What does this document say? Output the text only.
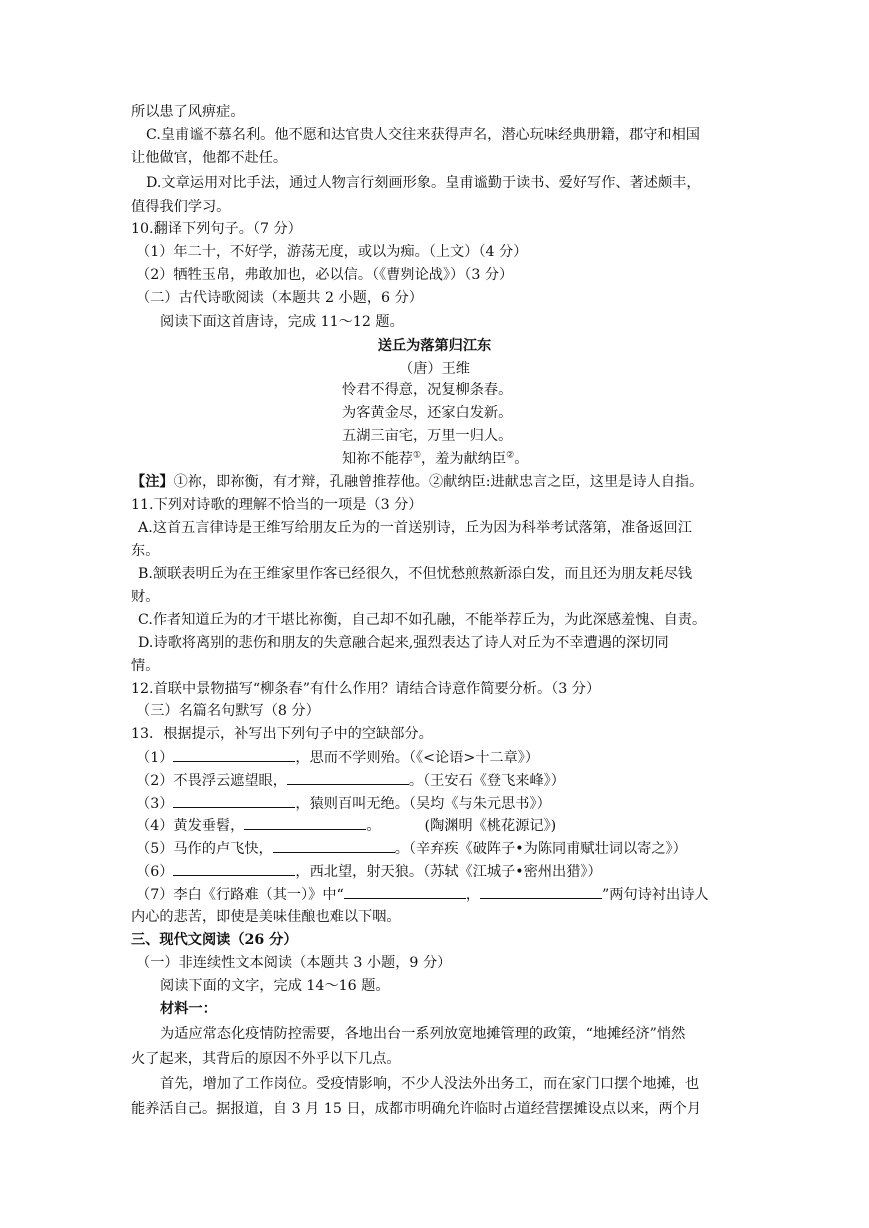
所以患了风痹症。
C.皇甫谧不慕名利。他不愿和达官贵人交往来获得声名，潜心玩味经典册籍，郡守和相国
让他做官，他都不赴任。
D.文章运用对比手法，通过人物言行刻画形象。皇甫谧勤于读书、爱好写作、著述颇丰，
值得我们学习。
10.翻译下列句子。（7 分）
（1）年二十，不好学，游荡无度，或以为痴。（上文）（4 分）
（2）牺牲玉帛，弗敢加也，必以信。（《曹刿论战》）（3 分）
（二）古代诗歌阅读（本题共 2 小题，6 分）
阅读下面这首唐诗，完成 11～12 题。
送丘为落第归江东
（唐）王维
怜君不得意，况复柳条春。
为客黄金尽，还家白发新。
五湖三亩宅，万里一归人。
知祢不能荐①，羞为献纳臣②。
【注】①祢，即祢衡，有才辩，孔融曾推荐他。②献纳臣:进献忠言之臣，这里是诗人自指。
11.下列对诗歌的理解不恰当的一项是（3 分）
A.这首五言律诗是王维写给朋友丘为的一首送别诗，丘为因为科举考试落第，准备返回江
东。
B.颔联表明丘为在王维家里作客已经很久，不但忧愁煎熬新添白发，而且还为朋友耗尽钱
财。
C.作者知道丘为的才干堪比祢衡，自己却不如孔融，不能举荐丘为，为此深感羞愧、自责。
D.诗歌将离别的悲伤和朋友的失意融合起来,强烈表达了诗人对丘为不幸遭遇的深切同
情。
12.首联中景物描写“柳条春”有什么作用？请结合诗意作简要分析。（3 分）
（三）名篇名句默写（8 分）
13．根据提示，补写出下列句子中的空缺部分。
（1）	，思而不学则殆。（《<论语>十二章》）
（2）不畏浮云遮望眼，	。（王安石《登飞来峰》）
（3）	，猿则百叫无绝。（吴均《与朱元思书》）
（4）黄发垂髫，	。	(陶渊明《桃花源记》)
（5）马作的卢飞快，	。（辛弃疾《破阵子•为陈同甫赋壮词以寄之》）
（6）	，西北望，射天狼。（苏轼《江城子•密州出猎》）
（7）李白《行路难（其一）》中“	，	”两句诗衬出诗人
内心的悲苦，即使是美味佳酿也难以下咽。
三、现代文阅读（26 分）
（一）非连续性文本阅读（本题共 3 小题，9 分）
阅读下面的文字，完成 14～16 题。
材料一：
为适应常态化疫情防控需要，各地出台一系列放宽地摊管理的政策，“地摊经济”悄然
火了起来，其背后的原因不外乎以下几点。
首先，增加了工作岗位。受疫情影响，不少人没法外出务工，而在家门口摆个地摊，也
能养活自己。据报道，自 3 月 15 日，成都市明确允许临时占道经营摆摊设点以来，两个月
